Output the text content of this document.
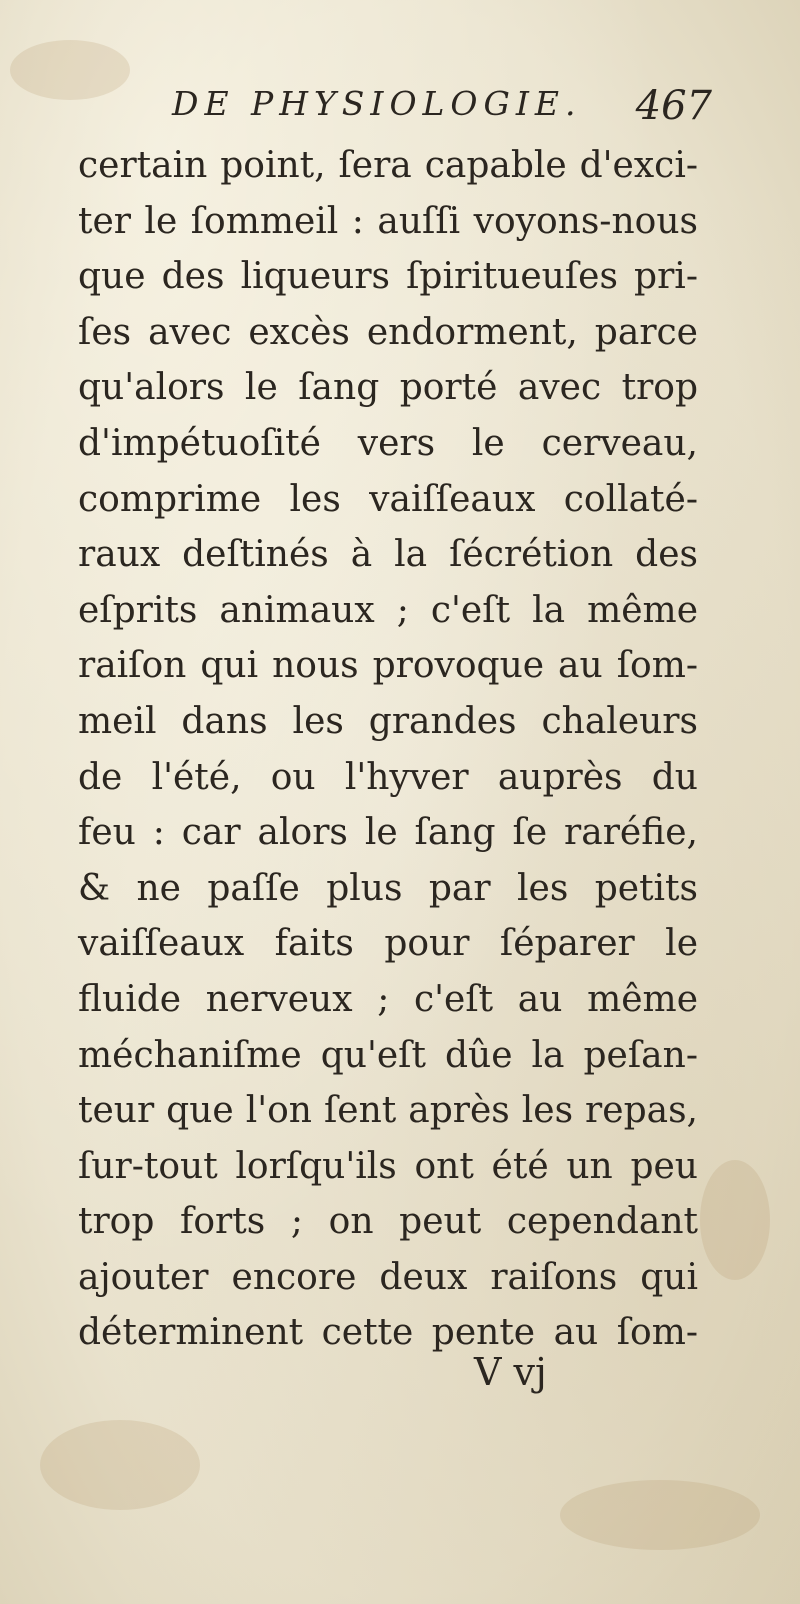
DE PHYSIOLOGIE. 467
certain point, ſera capable d'exci-
ter le ſommeil : auſſi voyons-nous
que des liqueurs ſpiritueuſes pri-
ſes avec excès endorment, parce
qu'alors le ſang porté avec trop
d'impétuoſité vers le cerveau,
comprime les vaiſſeaux collaté-
raux deſtinés à la ſécrétion des
eſprits animaux ; c'eſt la même
raiſon qui nous provoque au ſom-
meil dans les grandes chaleurs
de l'été, ou l'hyver auprès du
feu : car alors le ſang ſe raréfie,
& ne paſſe plus par les petits
vaiſſeaux faits pour ſéparer le
fluide nerveux ; c'eſt au même
méchaniſme qu'eſt dûe la peſan-
teur que l'on ſent après les repas,
ſur-tout lorſqu'ils ont été un peu
trop forts ; on peut cependant
ajouter encore deux raiſons qui
déterminent cette pente au ſom-
V vj
